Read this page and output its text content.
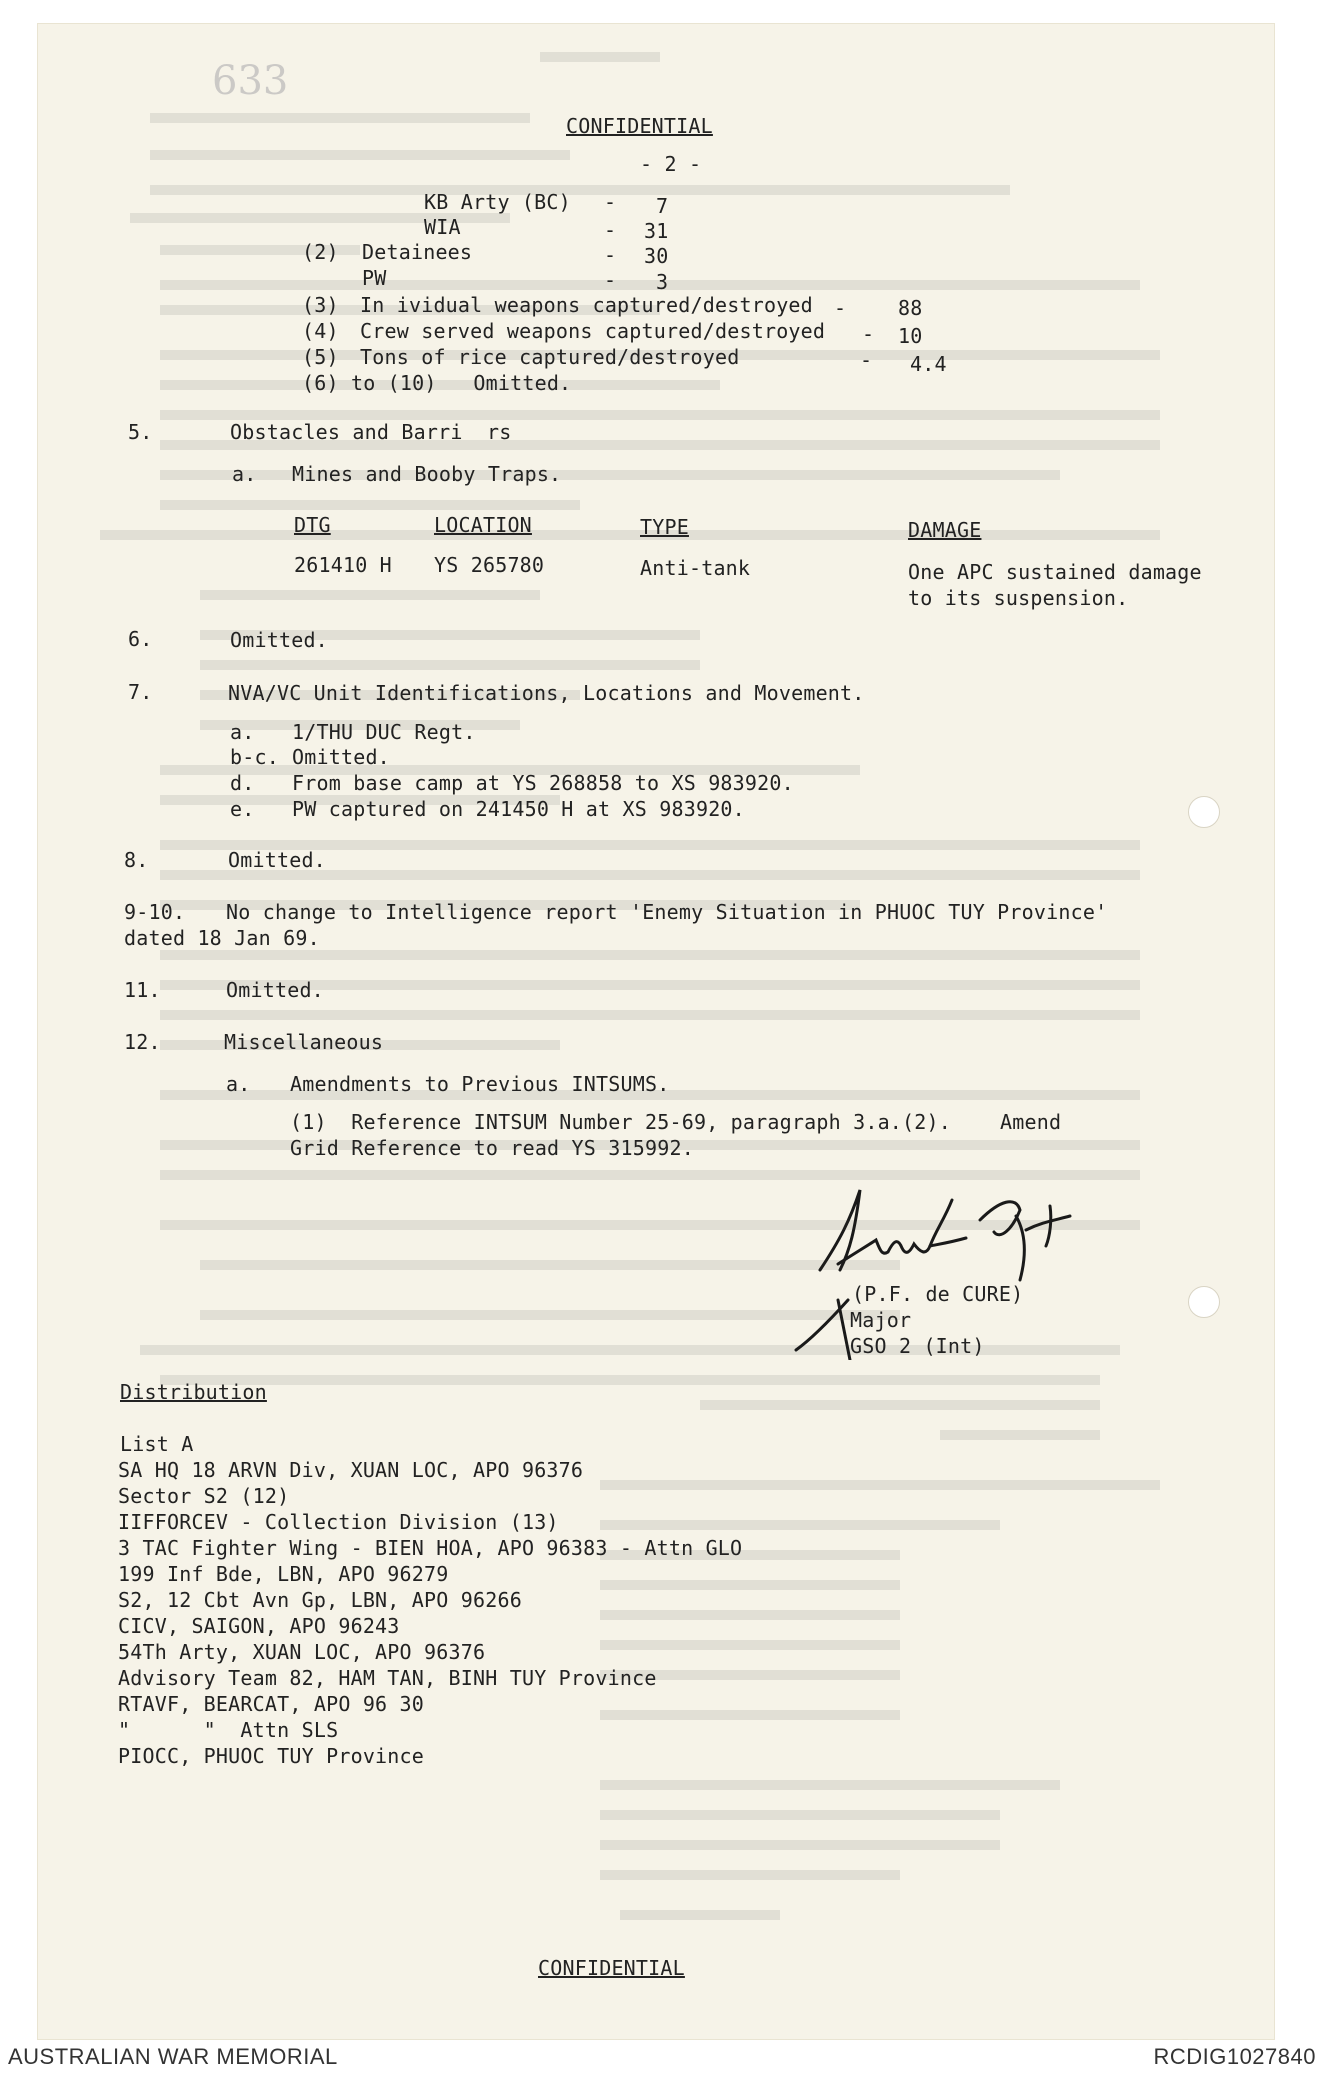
633
CONFIDENTIAL
- 2 -
KB Arty (BC) - 7
WIA	- 31
(2) Detainees	- 30
PW	- 3
(3) In ividual weapons captured/destroyed -	88
(4) Crew served weapons captured/destroyed - 10
(5) Tons of rice captured/destroyed	- 4.4
(6) to (10)   Omitted.
5.	Obstacles and Barri  rs
a. Mines and Booby Traps.
DTG	LOCATION	TYPE	DAMAGE
261410 H YS 265780	Anti-tank	One APC sustained damage
to its suspension.
6.	Omitted.
7.	NVA/VC Unit Identifications, Locations and Movement.
a. 1/THU DUC Regt.
b-c. Omitted.
d. From base camp at YS 268858 to XS 983920.
e. PW captured on 241450 H at XS 983920.
8.	Omitted.
9-10. No change to Intelligence report 'Enemy Situation in PHUOC TUY Province'
dated 18 Jan 69.
11.	Omitted.
12.	Miscellaneous
a. Amendments to Previous INTSUMS.
(1)  Reference INTSUM Number 25-69, paragraph 3.a.(2).    Amend
Grid Reference to read YS 315992.
(P.F. de CURE)
Major
GSO 2 (Int)
Distribution
List A
SA HQ 18 ARVN Div, XUAN LOC, APO 96376
Sector S2 (12)
IIFFORCEV - Collection Division (13)
3 TAC Fighter Wing - BIEN HOA, APO 96383 - Attn GLO
199 Inf Bde, LBN, APO 96279
S2, 12 Cbt Avn Gp, LBN, APO 96266
CICV, SAIGON, APO 96243
54Th Arty, XUAN LOC, APO 96376
Advisory Team 82, HAM TAN, BINH TUY Province
RTAVF, BEARCAT, APO 96 30
"      "  Attn SLS
PIOCC, PHUOC TUY Province
CONFIDENTIAL
AUSTRALIAN WAR MEMORIAL	RCDIG1027840
